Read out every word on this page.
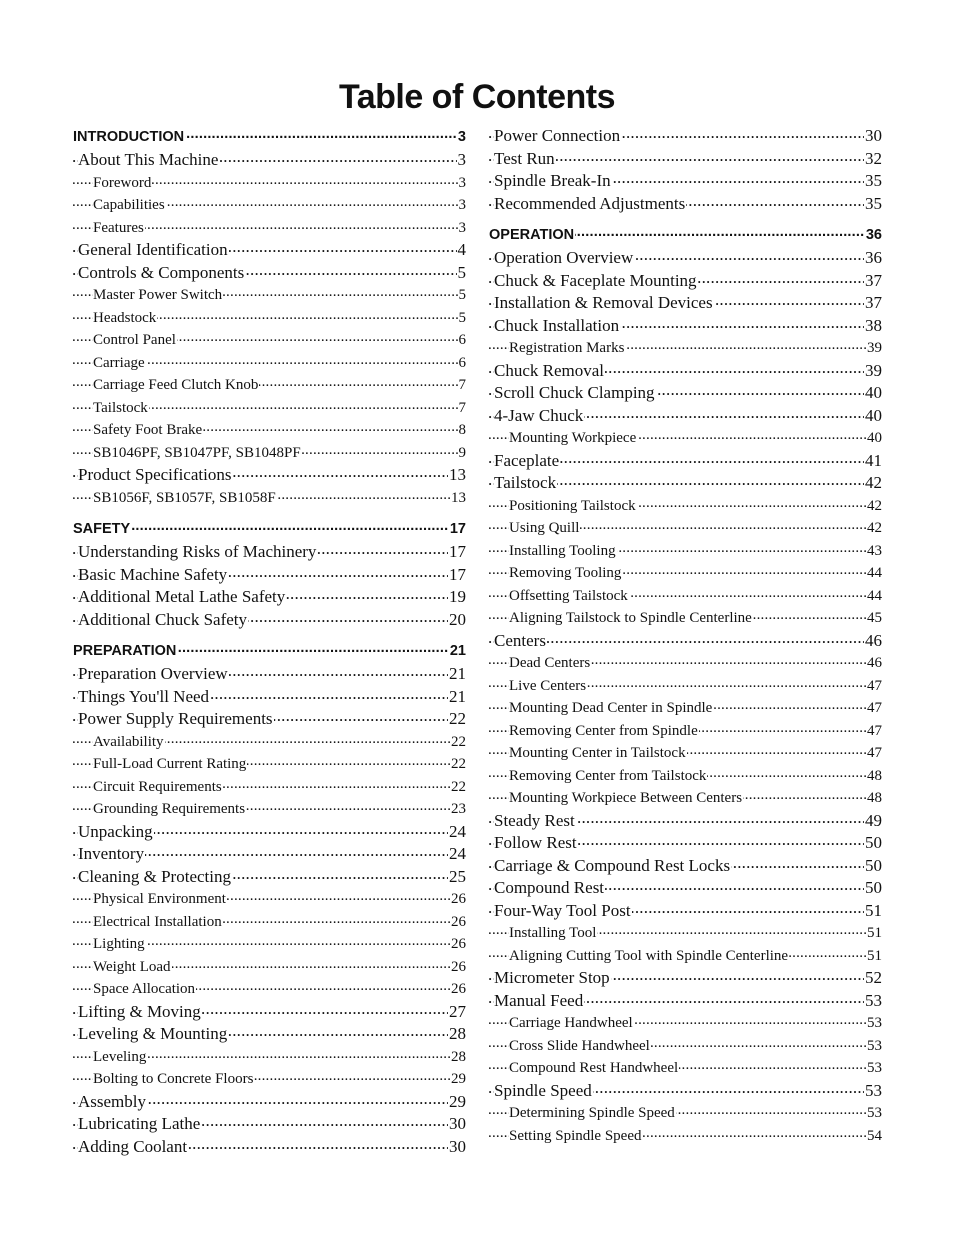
Table of Contents
INTRODUCTION	3
.....
About This Machine	3
.....
Foreword	3
.....
Capabilities	3
.....
Features	3
.....
General Identification	4
.....
Controls & Components	5
.....
Master Power Switch	5
.....
Headstock	5
.....
Control Panel	6
.....
Carriage	6
.....
Carriage Feed Clutch Knob	7
.....
Tailstock	7
.....
Safety Foot Brake	8
.....
SB1046PF, SB1047PF, SB1048PF	9
.....
Product Specifications	13
.....
SB1056F, SB1057F, SB1058F	13
.....
SAFETY	17
.....
Understanding Risks of Machinery	17
.....
Basic Machine Safety	17
.....
Additional Metal Lathe Safety	19
.....
Additional Chuck Safety	20
.....
PREPARATION	21
.....
Preparation Overview	21
.....
Things You'll Need	21
.....
Power Supply Requirements	22
.....
Availability	22
.....
Full-Load Current Rating	22
.....
Circuit Requirements	22
.....
Grounding Requirements	23
.....
Unpacking	24
.....
Inventory	24
.....
Cleaning & Protecting	25
.....
Physical Environment	26
.....
Electrical Installation	26
.....
Lighting	26
.....
Weight Load	26
.....
Space Allocation	26
.....
Lifting & Moving	27
.....
Leveling & Mounting	28
.....
Leveling	28
.....
Bolting to Concrete Floors	29
.....
Assembly	29
.....
Lubricating Lathe	30
.....
Adding Coolant	30
.....
Power Connection	30
.....
Test Run	32
.....
Spindle Break-In	35
.....
Recommended Adjustments	35
.....
OPERATION	36
.....
Operation Overview	36
.....
Chuck & Faceplate Mounting	37
.....
Installation & Removal Devices	37
.....
Chuck Installation	38
.....
Registration Marks	39
.....
Chuck Removal	39
.....
Scroll Chuck Clamping	40
.....
4-Jaw Chuck	40
.....
Mounting Workpiece	40
.....
Faceplate	41
.....
Tailstock	42
.....
Positioning Tailstock	42
.....
Using Quill	42
.....
Installing Tooling	43
.....
Removing Tooling	44
.....
Offsetting Tailstock	44
.....
Aligning Tailstock to Spindle Centerline	45
.....
Centers	46
.....
Dead Centers	46
.....
Live Centers	47
.....
Mounting Dead Center in Spindle	47
.....
Removing Center from Spindle	47
.....
Mounting Center in Tailstock	47
.....
Removing Center from Tailstock	48
.....
Mounting Workpiece Between Centers	48
.....
Steady Rest	49
.....
Follow Rest	50
.....
Carriage & Compound Rest Locks	50
.....
Compound Rest	50
.....
Four-Way Tool Post	51
.....
Installing Tool	51
.....
Aligning Cutting Tool with Spindle Centerline	51
.....
Micrometer Stop	52
.....
Manual Feed	53
.....
Carriage Handwheel	53
.....
Cross Slide Handwheel	53
.....
Compound Rest Handwheel	53
.....
Spindle Speed	53
.....
Determining Spindle Speed	53
.....
Setting Spindle Speed	54
.....
